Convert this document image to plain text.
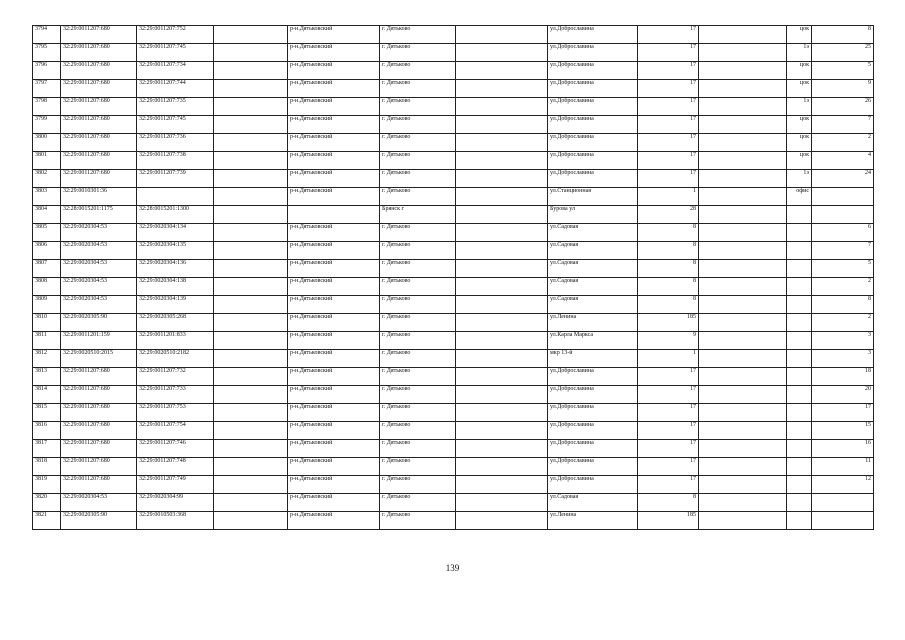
3794	32:29:0011207:680	32:29:0011207:752		р-н.Дятьковский	г. Дятьково		ул.Доброславина	17		цок	8
3795	32:29:0011207:680	32:29:0011207:745		р-н.Дятьковский	г. Дятьково		ул.Доброславина	17		1э	25
3796	32:29:0011207:680	32:29:0011207:734		р-н.Дятьковский	г. Дятьково		ул.Доброславина	17		цок	5
3797	32:29:0011207:680	32:29:0011207:744		р-н.Дятьковский	г. Дятьково		ул.Доброславина	17		цок	9
3798	32:29:0011207:680	32:29:0011207:735		р-н.Дятьковский	г. Дятьково		ул.Доброславина	17		1э	26
3799	32:29:0011207:680	32:29:0011207:745		р-н.Дятьковский	г. Дятьково		ул.Доброславина	17		цок	7
3800	32:29:0011207:680	32:29:0011207:736		р-н.Дятьковский	г. Дятьково		ул.Доброславина	17		цок	2
3801	32:29:0011207:680	32:29:0011207:738		р-н.Дятьковский	г. Дятьково		ул.Доброславина	17		цок	4
3802	32:29:0011207:680	32:29:0011207:739		р-н.Дятьковский	г. Дятьково		ул.Доброславина	17		1э	24
3803	32:29:0010301:36			р-н.Дятьковский	г. Дятьково		ул.Станционная	1		офис	
3804	32:28:0015201:1175	32:28:0015201:1300			Брянск г		Бурова ул	28			
3805	32:29:0020304:53	32:29:0020304:134		р-н.Дятьковский	г. Дятьково		ул.Садовая	8			6
3806	32:29:0020304:53	32:29:0020304:135		р-н.Дятьковский	г. Дятьково		ул.Садовая	8			7
3807	32:29:0020304:53	32:29:0020304:136		р-н.Дятьковский	г. Дятьково		ул.Садовая	8			5
3808	32:29:0020304:53	32:29:0020304:138		р-н.Дятьковский	г. Дятьково		ул.Садовая	8			2
3809	32:29:0020304:53	32:29:0020304:139		р-н.Дятьковский	г. Дятьково		ул.Садовая	8			8
3810	32:29:0020305:90	32:29:0020305:268		р-н.Дятьковский	г. Дятьково		ул.Ленина	185			2
3811	32:29:0011201:159	32:29:0011201:833		р-н.Дятьковский	г. Дятьково		ул.Карла Маркса	9			3
3812	32:29:0020510:2015	32:29:0020510:2182		р-н.Дятьковский	г. Дятьково		мкр 13-й	1			3
3813	32:29:0011207:680	32:29:0011207:732		р-н.Дятьковский	г. Дятьково		ул.Доброславина	17			18
3814	32:29:0011207:680	32:29:0011207:733		р-н.Дятьковский	г. Дятьково		ул.Доброславина	17			20
3815	32:29:0011207:680	32:29:0011207:753		р-н.Дятьковский	г. Дятьково		ул.Доброславина	17			17
3816	32:29:0011207:680	32:29:0011207:754		р-н.Дятьковский	г. Дятьково		ул.Доброславина	17			15
3817	32:29:0011207:680	32:29:0011207:746		р-н.Дятьковский	г. Дятьково		ул.Доброславина	17			16
3818	32:29:0011207:680	32:29:0011207:748		р-н.Дятьковский	г. Дятьково		ул.Доброславина	17			11
3819	32:29:0011207:680	32:29:0011207:749		р-н.Дятьковский	г. Дятьково		ул.Доброславина	17			12
3820	32:29:0020304:53	32:29:0020304:99		р-н.Дятьковский	г. Дятьково		ул.Садовая	8			
3821	32:29:0020305:90	32:29:0010503:368		р-н.Дятьковский	г. Дятьково		ул.Ленина	185			
139
